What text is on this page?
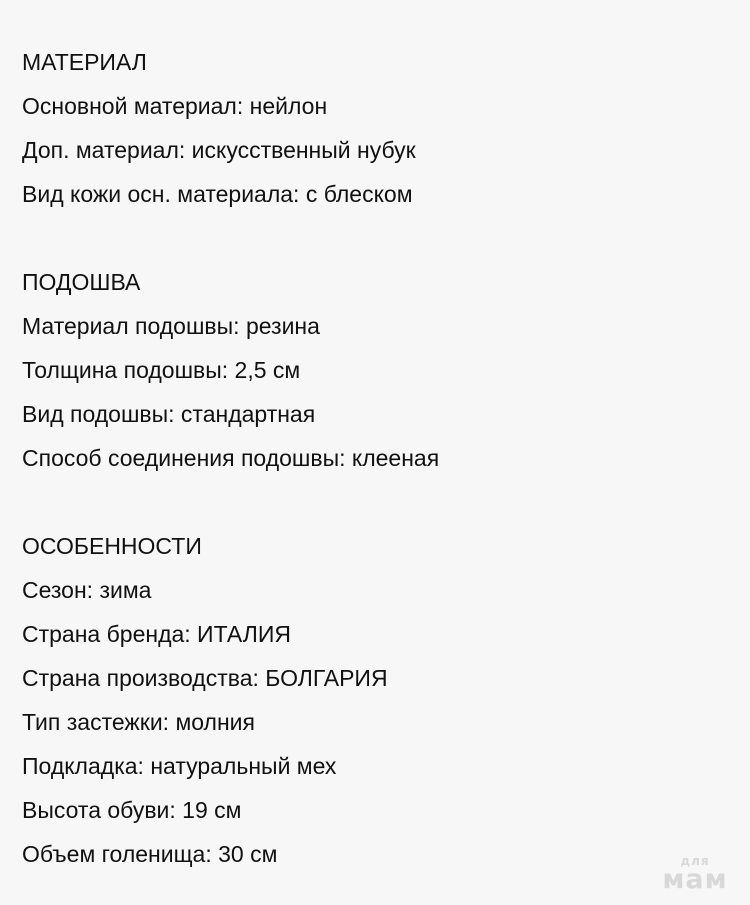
МАТЕРИАЛ
Основной материал: нейлон
Доп. материал: искусственный нубук
Вид кожи осн. материала: с блеском
ПОДОШВА
Материал подошвы: резина
Толщина подошвы: 2,5 см
Вид подошвы: стандартная
Способ соединения подошвы: клееная
ОСОБЕННОСТИ
Сезон: зима
Страна бренда: ИТАЛИЯ
Страна производства: БОЛГАРИЯ
Тип застежки: молния
Подкладка: натуральный мех
Высота обуви: 19 см
Объем голенища: 30 см	для
мам
